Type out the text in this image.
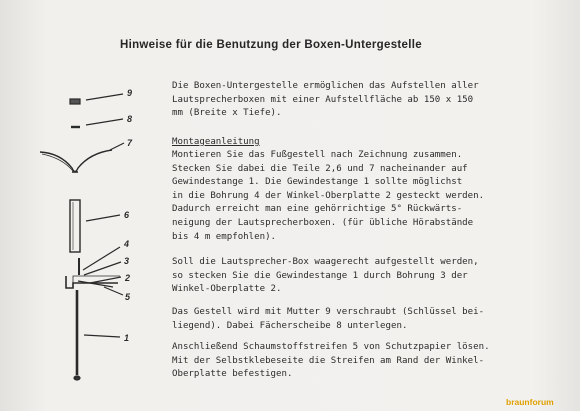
Hinweise für die Benutzung der Boxen-Untergestelle
Die Boxen-Untergestelle ermöglichen das Aufstellen aller
Lautsprecherboxen mit einer Aufstellfläche ab 150 x 150
mm (Breite x Tiefe).
Montageanleitung
Montieren Sie das Fußgestell nach Zeichnung zusammen.
Stecken Sie dabei die Teile 2,6 und 7 nacheinander auf
Gewindestange 1. Die Gewindestange 1 sollte möglichst
in die Bohrung 4 der Winkel-Oberplatte 2 gesteckt werden.
Dadurch erreicht man eine gehörrichtige 5° Rückwärts-
neigung der Lautsprecherboxen. (für übliche Hörabstände
bis 4 m empfohlen).
Soll die Lautsprecher-Box waagerecht aufgestellt werden,
so stecken Sie die Gewindestange 1 durch Bohrung 3 der
Winkel-Oberplatte 2.
Das Gestell wird mit Mutter 9 verschraubt (Schlüssel bei-
liegend). Dabei Fächerscheibe 8 unterlegen.
Anschließend Schaumstoffstreifen 5 von Schutzpapier lösen.
Mit der Selbstklebeseite die Streifen am Rand der Winkel-
Oberplatte befestigen.
9
8
7
6
4
3
2
5
1
braunforum
